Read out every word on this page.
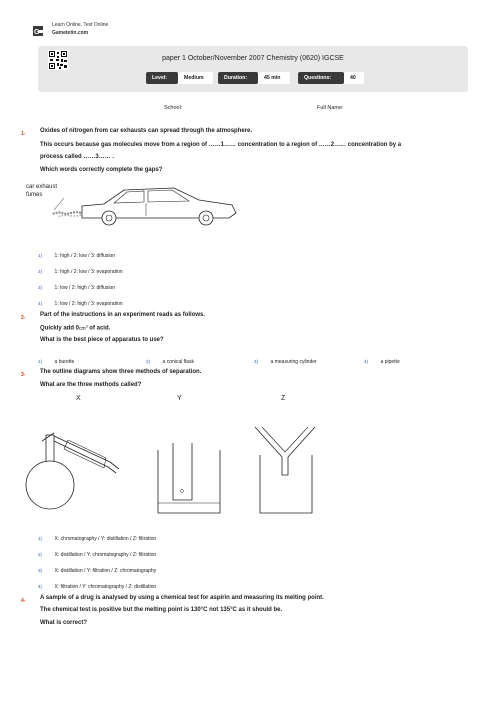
G
Learn Online, Test Online
Gametetin.com
paper 1 October/November 2007 Chemistry (0620) IGCSE
Level:	Medium	Duration:	45 min	Questions:	40
School:	Full Name:
1- Oxides of nitrogen from car exhausts can spread through the atmosphere.
This occurs because gas molecules move from a region of ……1…… concentration to a region of ……2…… concentration by a
process called ……3…… .
Which words correctly complete the gaps?
car exhaust
fumes
1) 1: high / 2: low / 3: diffusion
2) 1: high / 2: low / 3: evaporation
3) 1: low / 2: high / 3: diffusion
4) 1: low / 2: high / 3: evaporation
2- Part of the instructions in an experiment reads as follows.
Quickly add $0cm^3$ of acid.
What is the best piece of apparatus to use?
1) a burette	2) a conical flask	3) a measuring cylinder	4) a pipette
3- The outline diagrams show three methods of separation.
What are the three methods called?
X	Y	Z
1) X: chromatography / Y: distillation / Z: filtration
2) X: distillation / Y: chromatography / Z: filtration
3) X: distillation / Y: filtration / Z: chromatography
4) X: filtration / Y: chromatography / Z: distillation
4- A sample of a drug is analysed by using a chemical test for aspirin and measuring its melting point.
The chemical test is positive but the melting point is 130°C not 135°C as it should be.
What is correct?
